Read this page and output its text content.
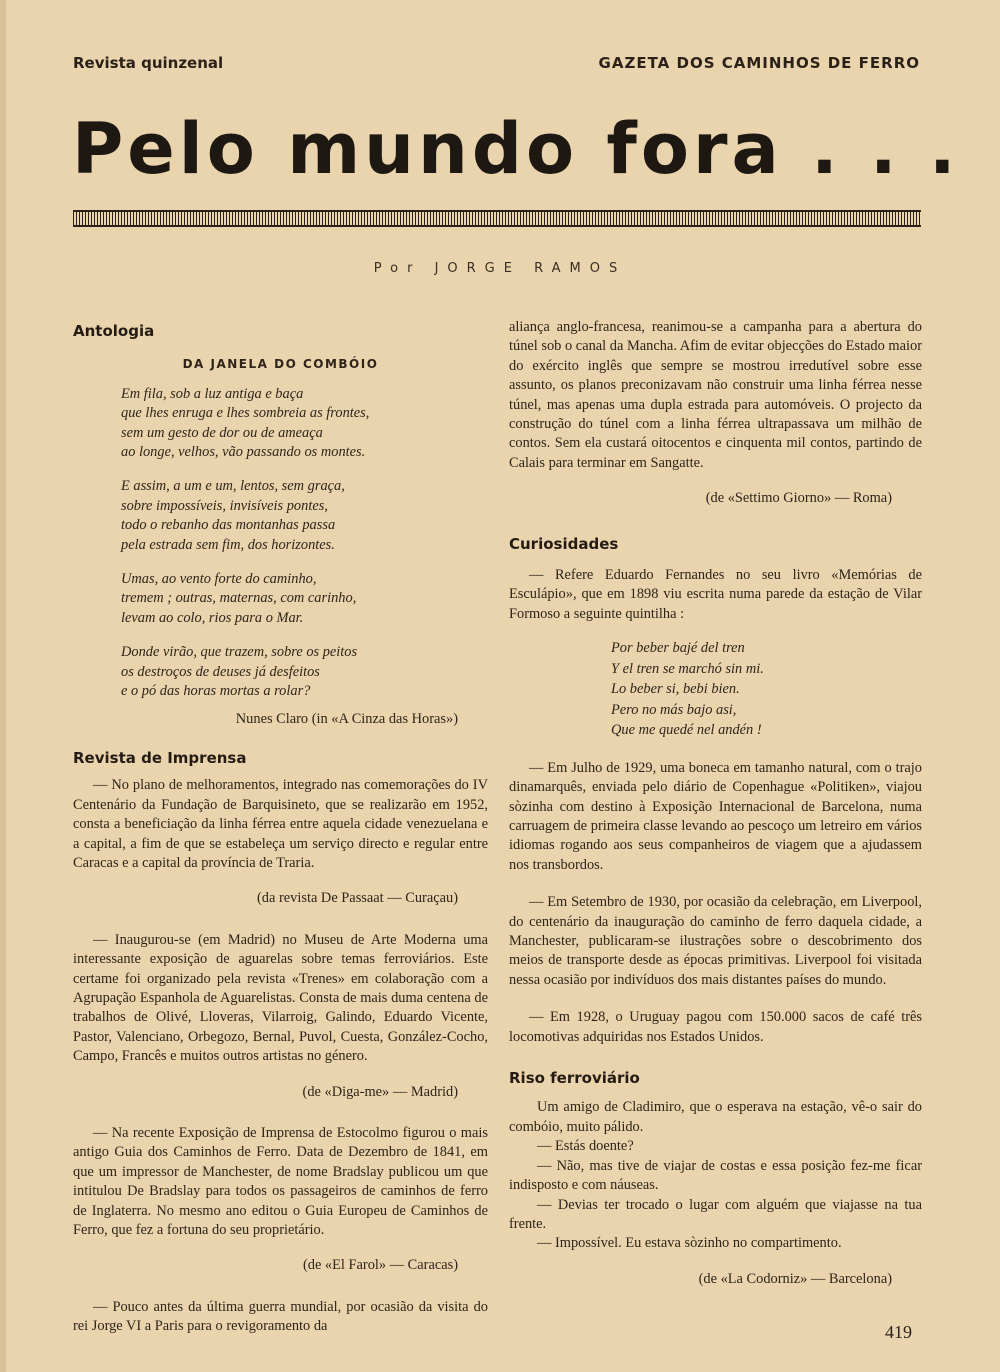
Revista quinzenal	GAZETA DOS CAMINHOS DE FERRO
Pelo mundo fora . . .
Por JORGE RAMOS
Antologia
DA JANELA DO COMBÓIO
Em fila, sob a luz antiga e baça
que lhes enruga e lhes sombreia as frontes,
sem um gesto de dor ou de ameaça
ao longe, velhos, vão passando os montes.
E assim, a um e um, lentos, sem graça,
sobre impossíveis, invisíveis pontes,
todo o rebanho das montanhas passa
pela estrada sem fim, dos horizontes.
Umas, ao vento forte do caminho,
tremem ; outras, maternas, com carinho,
levam ao colo, rios para o Mar.
Donde virão, que trazem, sobre os peitos
os destroços de deuses já desfeitos
e o pó das horas mortas a rolar?
Nunes Claro (in «A Cinza das Horas»)
Revista de Imprensa

— No plano de melhoramentos, integrado nas comemorações do IV Centenário da Fundação de Barquisineto, que se realizarão em 1952, consta a beneficiação da linha férrea entre aquela cidade venezuelana e a capital, a fim de que se estabeleça um serviço directo e regular entre Caracas e a capital da província de Traria.

(da revista De Passaat — Curaçau)

— Inaugurou-se (em Madrid) no Museu de Arte Moderna uma interessante exposição de aguarelas sobre temas ferroviários. Este certame foi organizado pela revista «Trenes» em colaboração com a Agrupação Espanhola de Aguarelistas. Consta de mais duma centena de trabalhos de Olivé, Lloveras, Vilarroig, Galindo, Eduardo Vicente, Pastor, Valenciano, Orbegozo, Bernal, Puvol, Cuesta, González-Cocho, Campo, Francês e muitos outros artistas no género.

(de «Diga-me» — Madrid)

— Na recente Exposição de Imprensa de Estocolmo figurou o mais antigo Guia dos Caminhos de Ferro. Data de Dezembro de 1841, em que um impressor de Manchester, de nome Bradslay publicou um que intitulou De Bradslay para todos os passageiros de caminhos de ferro de Inglaterra. No mesmo ano editou o Guia Europeu de Caminhos de Ferro, que fez a fortuna do seu proprietário.

(de «El Farol» — Caracas)

— Pouco antes da última guerra mundial, por ocasião da visita do rei Jorge VI a Paris para o revigoramento da

aliança anglo-francesa, reanimou-se a campanha para a abertura do túnel sob o canal da Mancha. Afim de evitar objecções do Estado maior do exército inglês que sempre se mostrou irredutível sobre esse assunto, os planos preconizavam não construir uma linha férrea nesse túnel, mas apenas uma dupla estrada para automóveis. O projecto da construção do túnel com a linha férrea ultrapassava um milhão de contos. Sem ela custará oitocentos e cinquenta mil contos, partindo de Calais para terminar em Sangatte.

(de «Settimo Giorno» — Roma)
Curiosidades

— Refere Eduardo Fernandes no seu livro «Memórias de Esculápio», que em 1898 viu escrita numa parede da estação de Vilar Formoso a seguinte quintilha :

Por beber bajé del tren
Y el tren se marchó sin mi.
Lo beber si, bebi bien.
Pero no más bajo asi,
Que me quedé nel andén !

— Em Julho de 1929, uma boneca em tamanho natural, com o trajo dinamarquês, enviada pelo diário de Copenhague «Politiken», viajou sòzinha com destino à Exposição Internacional de Barcelona, numa carruagem de primeira classe levando ao pescoço um letreiro em vários idiomas rogando aos seus companheiros de viagem que a ajudassem nos transbordos.

— Em Setembro de 1930, por ocasião da celebração, em Liverpool, do centenário da inauguração do caminho de ferro daquela cidade, a Manchester, publicaram-se ilustrações sobre o descobrimento dos meios de transporte desde as épocas primitivas. Liverpool foi visitada nessa ocasião por indivíduos dos mais distantes países do mundo.

— Em 1928, o Uruguay pagou com 150.000 sacos de café três locomotivas adquiridas nos Estados Unidos.

Riso ferroviário

Um amigo de Cladimiro, que o esperava na estação, vê-o sair do combóio, muito pálido.

— Estás doente?

— Não, mas tive de viajar de costas e essa posição fez-me ficar indisposto e com náuseas.

— Devias ter trocado o lugar com alguém que viajasse na tua frente.

— Impossível. Eu estava sòzinho no compartimento.

(de «La Codorniz» — Barcelona)
419
